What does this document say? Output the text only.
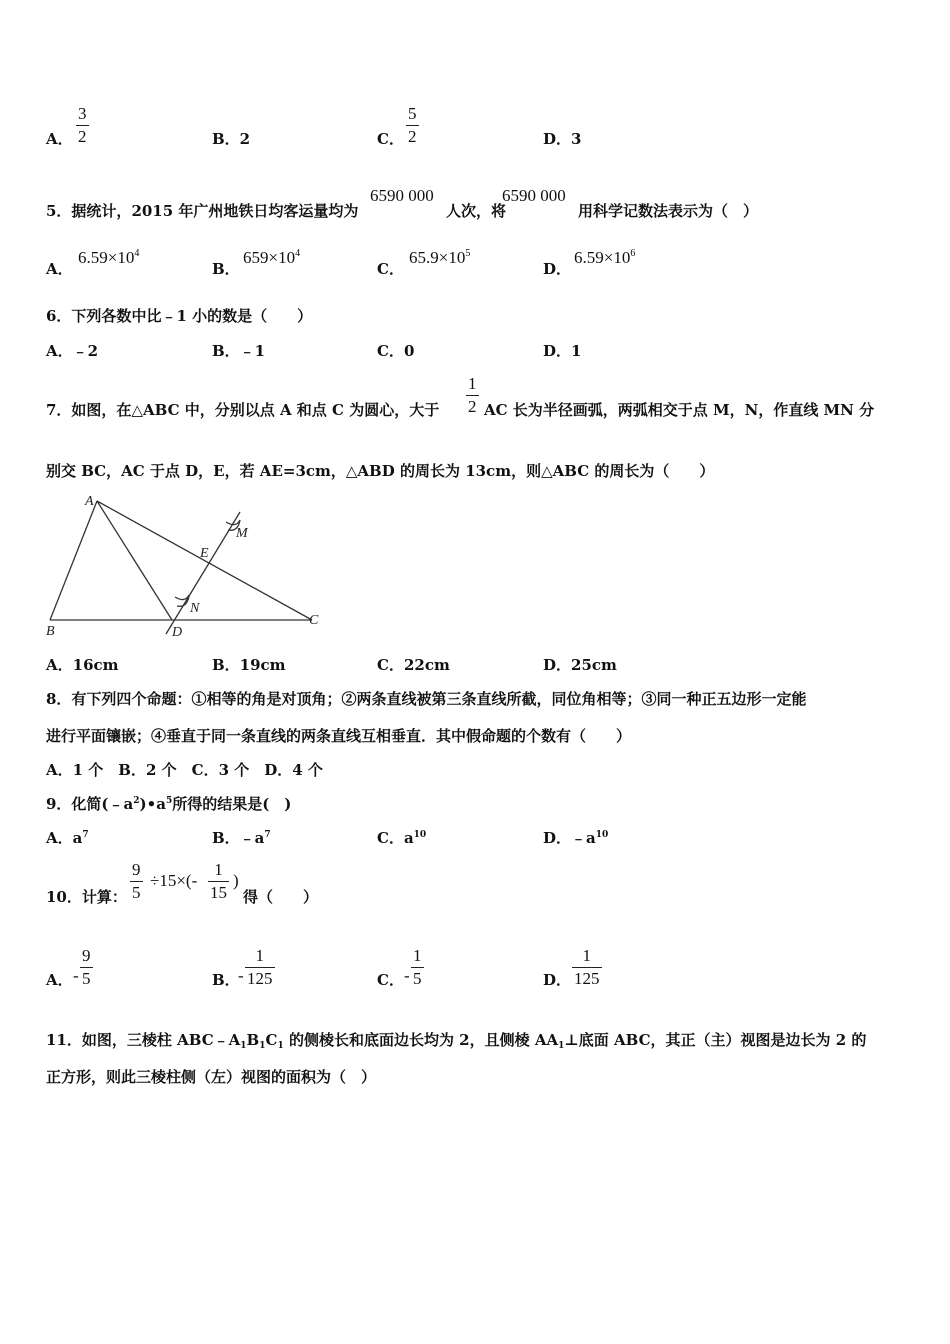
A．
3
2	B．2	C．
5
2	D．3
5．据统计，2015 年广州地铁日均客运量均为
6590 000
人次，将
6590 000
用科学记数法表示为（　）
A．
$6.59\times 10^4$
B．
$659\times 10^4$
C．
$65.9\times 10^5$
D．
$6.59\times 10^6$
6．下列各数中比﹣1 小的数是（　　）
A．﹣2	B．﹣1	C．0	D．1
7．如图，在△ABC 中，分别以点 A 和点 C 为圆心，大于
1
2 AC 长为半径画弧，两弧相交于点 M，N，作直线 MN 分
别交 BC，AC 于点 D，E，若 AE=3cm，△ABD 的周长为 13cm，则△ABC 的周长为（　　）
A
B
C
D
E
M
N
A．16cm	B．19cm	C．22cm	D．25cm
8．有下列四个命题：①相等的角是对顶角；②两条直线被第三条直线所截，同位角相等；③同一种正五边形一定能
进行平面镶嵌；④垂直于同一条直线的两条直线互相垂直．其中假命题的个数有（　　）
A．1 个　B．2 个　C．3 个　D．4 个
9．化简$(﹣a^2)•a^5$所得的结果是(　)
A．$a^7$	B．$﹣a^7$	C．$a^{10}$	D．$﹣a^{10}$
10．计算：
9
5
÷15×(-
1
15
)
得（　　）
A． -
9
5	B．
-
1
125	C． -
1
5	D．
1
125
11．如图，三棱柱 $ABC﹣A_1B_1C_1$ 的侧棱长和底面边长均为 2，且侧棱 $AA_1\perp$底面 ABC，其正（主）视图是边长为 2 的
正方形，则此三棱柱侧（左）视图的面积为（　）
